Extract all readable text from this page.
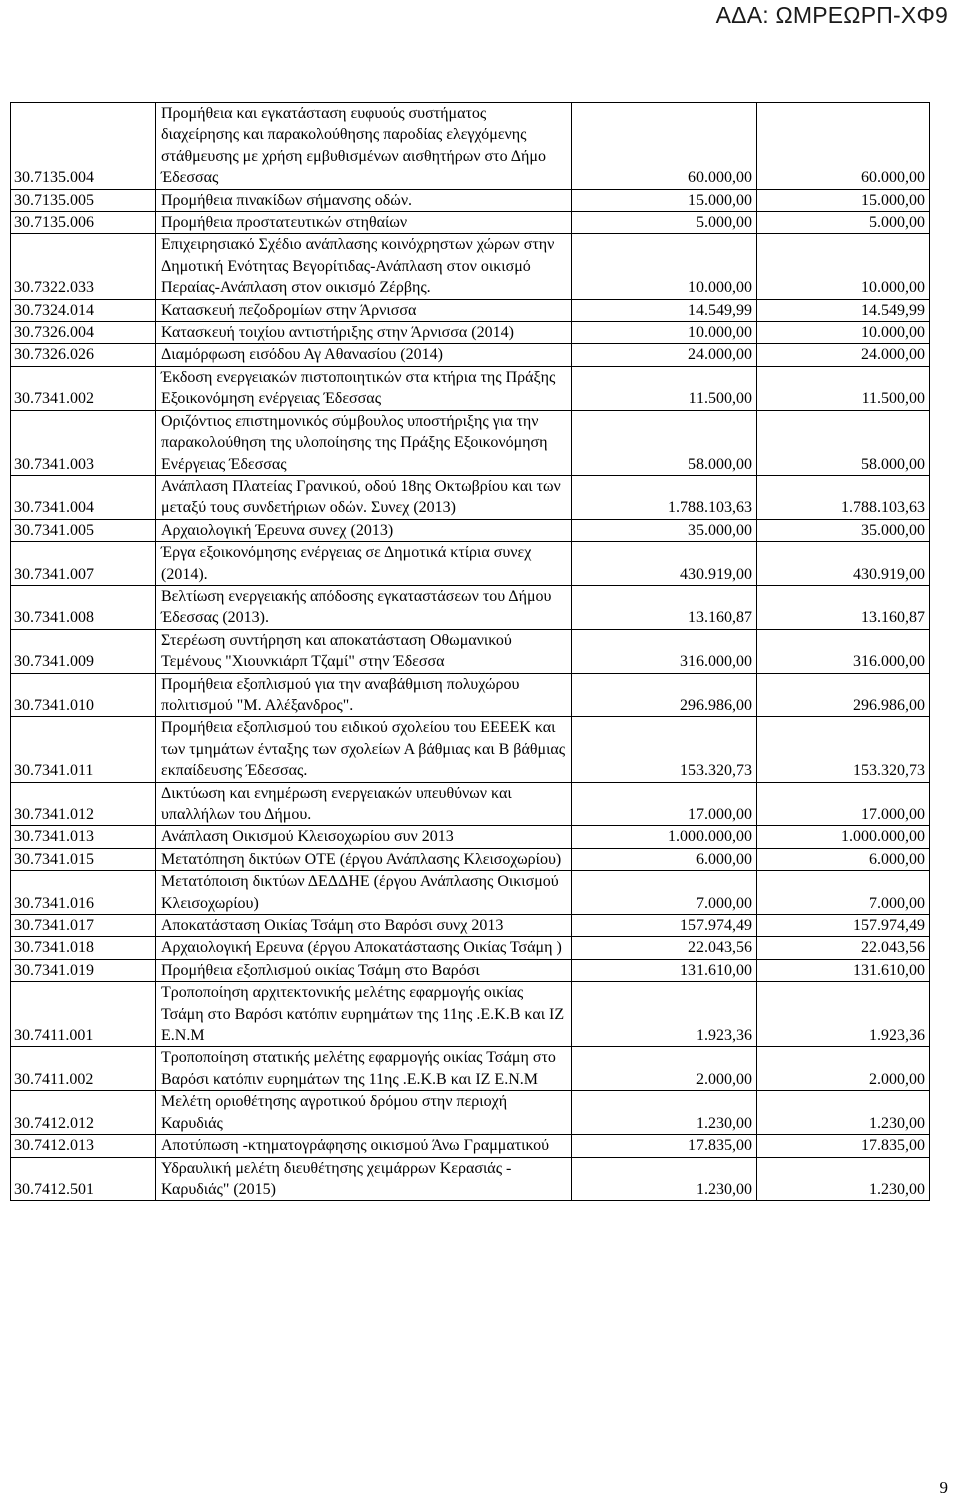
ΑΔΑ: ΩΜΡΕΩΡΠ-ΧΦ9
30.7135.004	Προμήθεια και εγκατάσταση ευφυούς συστήματος διαχείρησης και παρακολούθησης παροδίας ελεγχόμενης στάθμευσης με χρήση εμβυθισμένων αισθητήρων στο Δήμο Έδεσσας	60.000,00	60.000,00
30.7135.005	Προμήθεια πινακίδων σήμανσης οδών.	15.000,00	15.000,00
30.7135.006	Προμήθεια προστατευτικών στηθαίων	5.000,00	5.000,00
30.7322.033	Επιχειρησιακό Σχέδιο ανάπλασης κοινόχρηστων χώρων στην Δημοτική Ενότητας Βεγορίτιδας-Ανάπλαση στον οικισμό Περαίας-Ανάπλαση στον οικισμό Ζέρβης.	10.000,00	10.000,00
30.7324.014	Κατασκευή πεζοδρομίων στην Άρνισσα	14.549,99	14.549,99
30.7326.004	Κατασκευή τοιχίου αντιστήριξης στην Άρνισσα (2014)	10.000,00	10.000,00
30.7326.026	Διαμόρφωση εισόδου Αγ Αθανασίου (2014)	24.000,00	24.000,00
30.7341.002	Έκδοση ενεργειακών πιστοποιητικών στα κτήρια της Πράξης Εξοικονόμηση ενέργειας Έδεσσας	11.500,00	11.500,00
30.7341.003	Οριζόντιος επιστημονικός σύμβουλος υποστήριξης για την παρακολούθηση της υλοποίησης της Πράξης Εξοικονόμηση Ενέργειας Έδεσσας	58.000,00	58.000,00
30.7341.004	Ανάπλαση Πλατείας Γρανικού, οδού 18ης Οκτωβρίου και των μεταξύ τους συνδετήριων οδών. Συνεχ (2013)	1.788.103,63	1.788.103,63
30.7341.005	Αρχαιολογική Έρευνα συνεχ (2013)	35.000,00	35.000,00
30.7341.007	Έργα εξοικονόμησης ενέργειας σε Δημοτικά κτίρια συνεχ (2014).	430.919,00	430.919,00
30.7341.008	Βελτίωση ενεργειακής απόδοσης εγκαταστάσεων του Δήμου Έδεσσας (2013).	13.160,87	13.160,87
30.7341.009	Στερέωση συντήρηση και αποκατάσταση Οθωμανικού Τεμένους "Χιουνκιάρπ Τζαμί" στην Έδεσσα	316.000,00	316.000,00
30.7341.010	Προμήθεια εξοπλισμού για την αναβάθμιση πολυχώρου πολιτισμού "Μ. Αλέξανδρος".	296.986,00	296.986,00
30.7341.011	Προμήθεια εξοπλισμού του ειδικού σχολείου του ΕΕΕΕΚ και των τμημάτων ένταξης των σχολείων Α βάθμιας και Β βάθμιας εκπαίδευσης Έδεσσας.	153.320,73	153.320,73
30.7341.012	Δικτύωση και ενημέρωση ενεργειακών υπευθύνων και υπαλλήλων του Δήμου.	17.000,00	17.000,00
30.7341.013	Ανάπλαση Οικισμού Κλεισοχωρίου συν 2013	1.000.000,00	1.000.000,00
30.7341.015	Μετατόπηση δικτύων ΟΤΕ (έργου Ανάπλασης Κλεισοχωρίου)	6.000,00	6.000,00
30.7341.016	Μετατόποιση δικτύων ΔΕΔΔΗΕ (έργου Ανάπλασης Οικισμού Κλεισοχωρίου)	7.000,00	7.000,00
30.7341.017	Αποκατάσταση Οικίας Τσάμη στο Βαρόσι συνχ 2013	157.974,49	157.974,49
30.7341.018	Αρχαιολογική Ερευνα (έργου Αποκατάστασης Οικίας Τσάμη )	22.043,56	22.043,56
30.7341.019	Προμήθεια εξοπλισμού οικίας Τσάμη στο Βαρόσι	131.610,00	131.610,00
30.7411.001	Τροποποίηση αρχιτεκτονικής μελέτης εφαρμογής οικίας Τσάμη στο Βαρόσι κατόπιν ευρημάτων της 11ης .Ε.Κ.Β και ΙΖ Ε.Ν.Μ	1.923,36	1.923,36
30.7411.002	Τροποποίηση στατικής μελέτης εφαρμογής οικίας Τσάμη στο Βαρόσι κατόπιν ευρημάτων της 11ης .Ε.Κ.Β και ΙΖ Ε.Ν.Μ	2.000,00	2.000,00
30.7412.012	Μελέτη οριοθέτησης αγροτικού δρόμου στην περιοχή Καρυδιάς	1.230,00	1.230,00
30.7412.013	Αποτύπωση -κτηματογράφησης οικισμού Άνω Γραμματικού	17.835,00	17.835,00
30.7412.501	Υδραυλική μελέτη διευθέτησης χειμάρρων Κερασιάς - Καρυδιάς" (2015)	1.230,00	1.230,00
9
